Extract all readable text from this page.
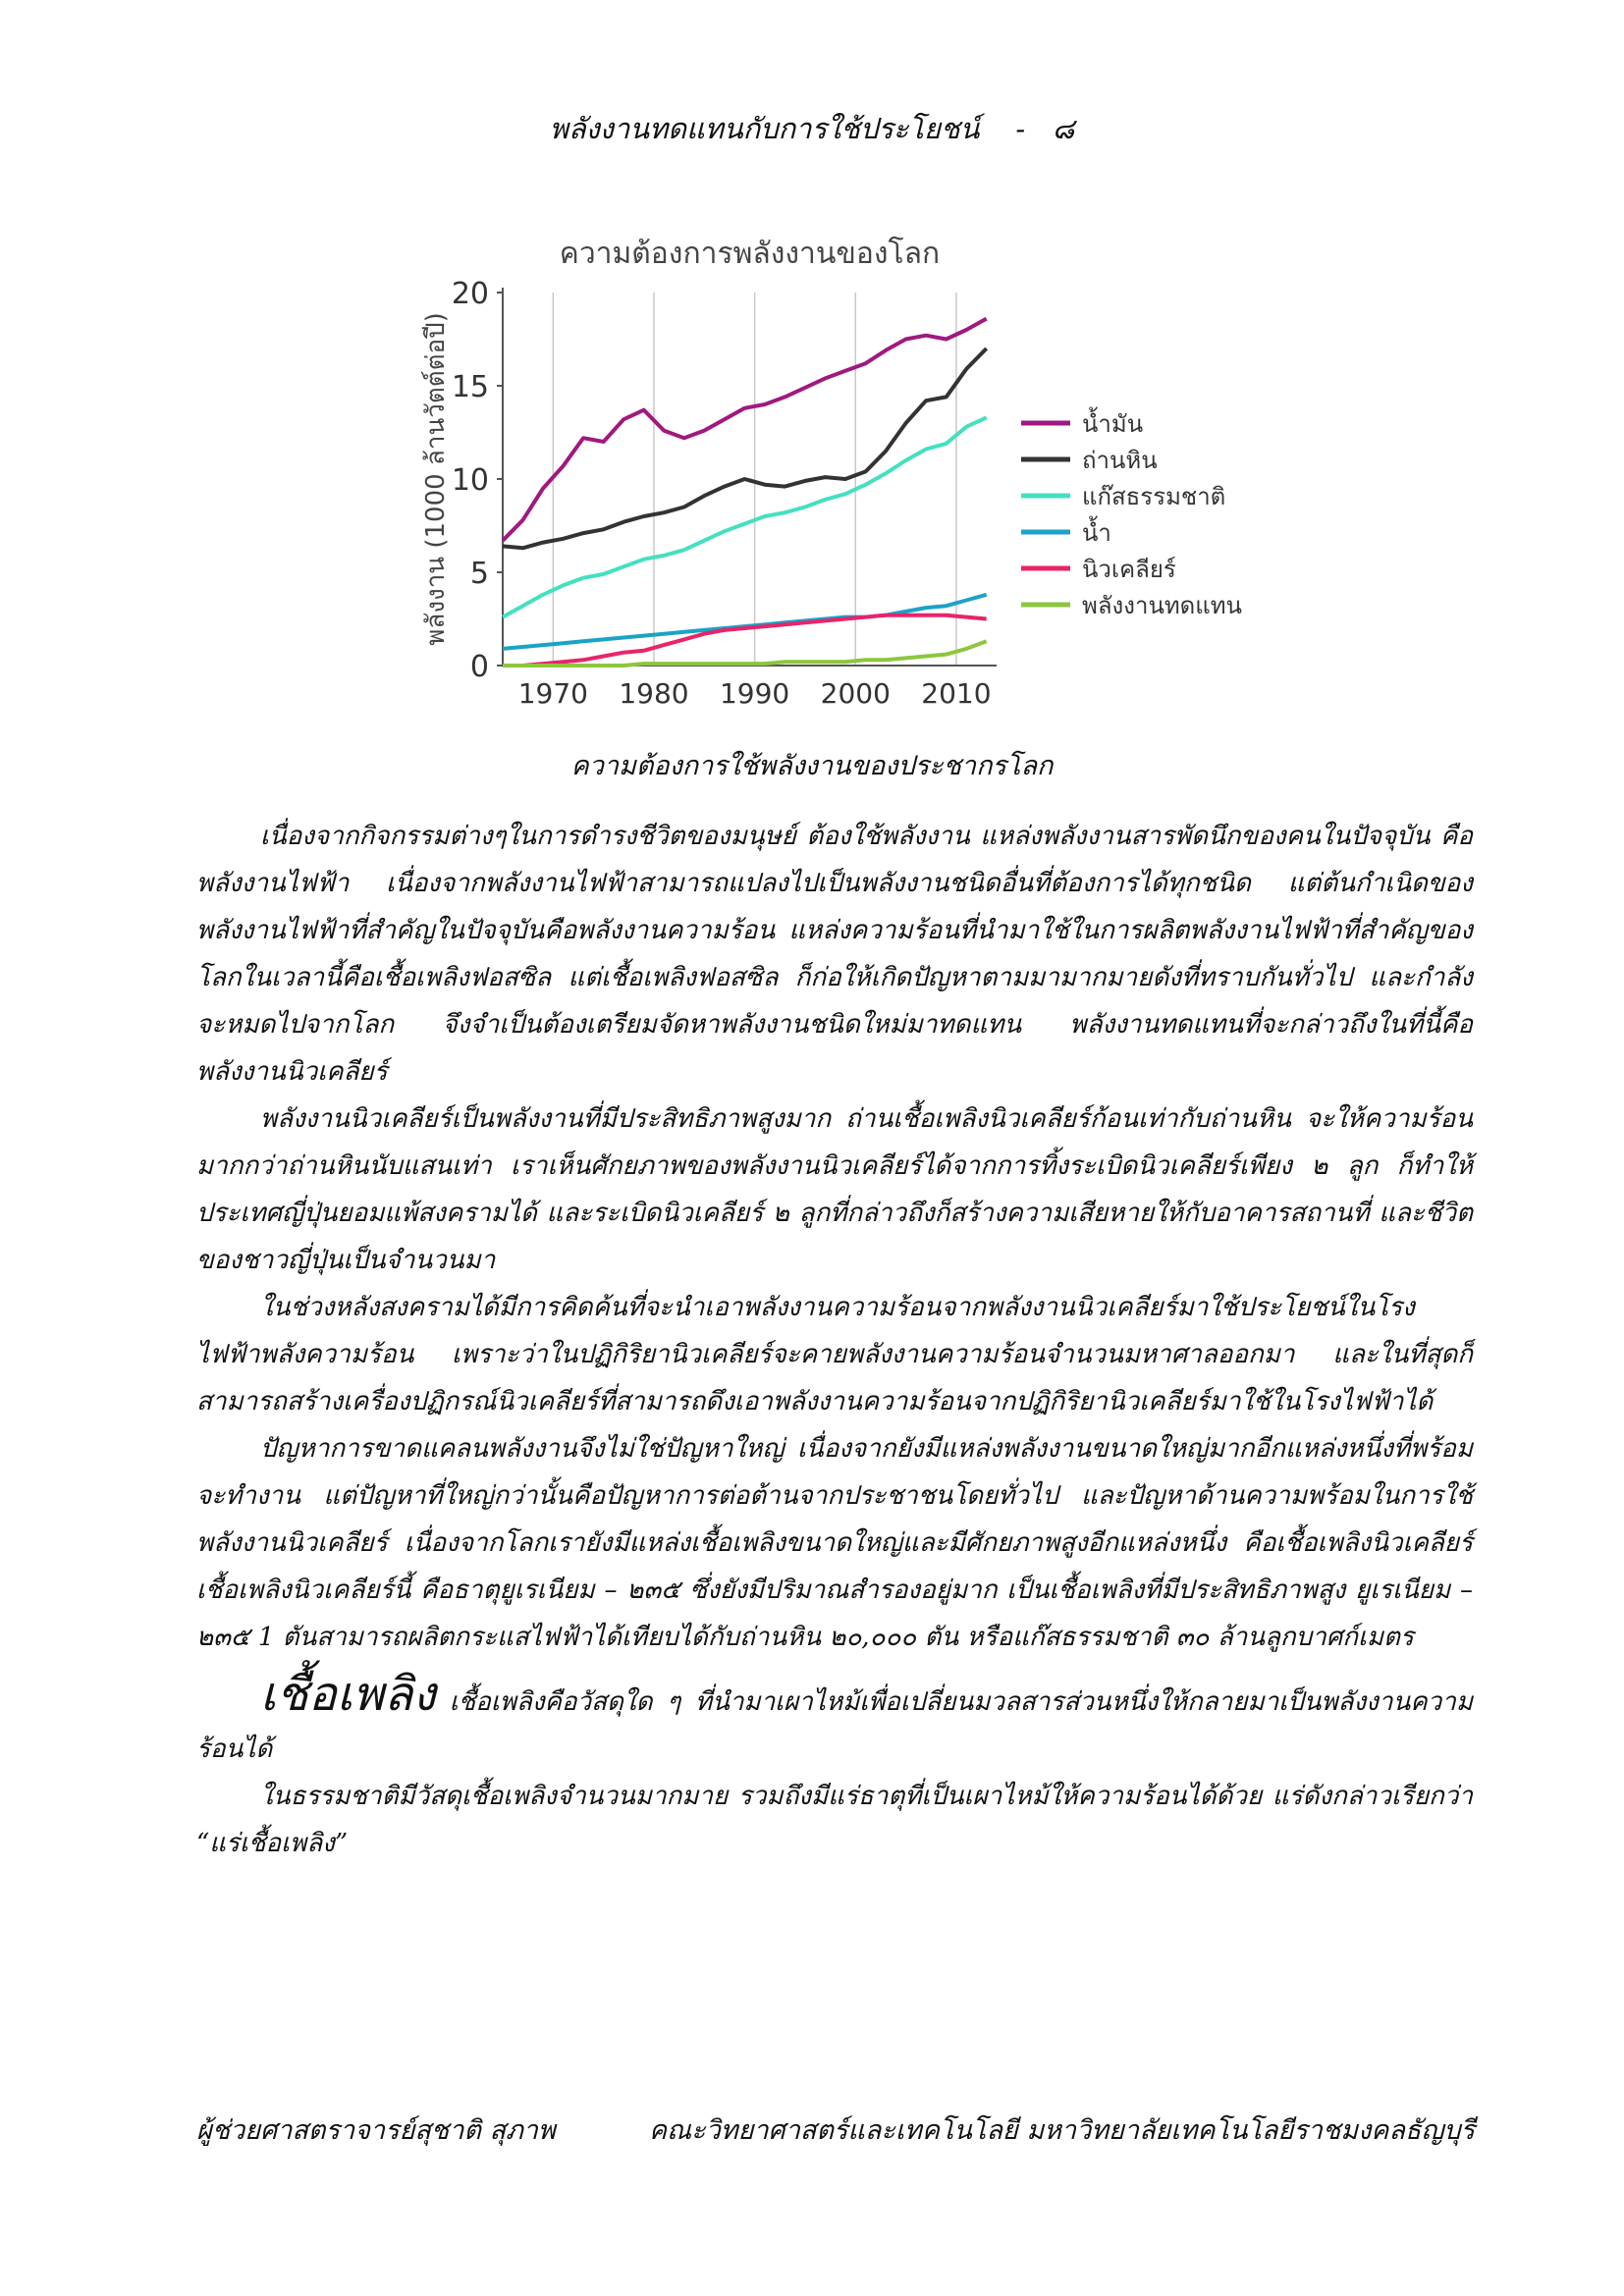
พลังงานทดแทนกับการใช้ประโยชน์ - ๘
ความต้องการพลังงานของโลก
พลังงาน (1000 ล้านวัตต์ต่อปี)
0
5
10
15
20
1970 1980 1990 2000 2010
น้ำมัน
ถ่านหิน
แก๊สธรรมชาติ
น้ำ
นิวเคลียร์
พลังงานทดแทน
ความต้องการใช้พลังงานของประชากรโลก

เนื่องจากกิจกรรมต่างๆในการดำรงชีวิตของมนุษย์ ต้องใช้พลังงาน แหล่งพลังงานสารพัดนึกของคนในปัจจุบัน คือ พลังงานไฟฟ้า เนื่องจากพลังงานไฟฟ้าสามารถแปลงไปเป็นพลังงานชนิดอื่นที่ต้องการได้ทุกชนิด แต่ต้นกำเนิดของพลังงานไฟฟ้าที่สำคัญในปัจจุบันคือพลังงานความร้อน แหล่งความร้อนที่นำมาใช้ในการผลิตพลังงานไฟฟ้าที่สำคัญของโลกในเวลานี้คือเชื้อเพลิงฟอสซิล แต่เชื้อเพลิงฟอสซิล ก็ก่อให้เกิดปัญหาตามมามากมายดังที่ทราบกันทั่วไป และกำลังจะหมดไปจากโลก จึงจำเป็นต้องเตรียมจัดหาพลังงานชนิดใหม่มาทดแทน พลังงานทดแทนที่จะกล่าวถึงในที่นี้คือพลังงานนิวเคลียร์

พลังงานนิวเคลียร์เป็นพลังงานที่มีประสิทธิภาพสูงมาก ถ่านเชื้อเพลิงนิวเคลียร์ก้อนเท่ากับถ่านหิน จะให้ความร้อนมากกว่าถ่านหินนับแสนเท่า เราเห็นศักยภาพของพลังงานนิวเคลียร์ได้จากการทิ้งระเบิดนิวเคลียร์เพียง ๒ ลูก ก็ทำให้ประเทศญี่ปุ่นยอมแพ้สงครามได้ และระเบิดนิวเคลียร์ ๒ ลูกที่กล่าวถึงก็สร้างความเสียหายให้กับอาคารสถานที่ และชีวิตของชาวญี่ปุ่นเป็นจำนวนมา

ในช่วงหลังสงครามได้มีการคิดค้นที่จะนำเอาพลังงานความร้อนจากพลังงานนิวเคลียร์มาใช้ประโยชน์ในโรงไฟฟ้าพลังความร้อน เพราะว่าในปฏิกิริยานิวเคลียร์จะคายพลังงานความร้อนจำนวนมหาศาลออกมา และในที่สุดก็สามารถสร้างเครื่องปฏิกรณ์นิวเคลียร์ที่สามารถดึงเอาพลังงานความร้อนจากปฏิกิริยานิวเคลียร์มาใช้ในโรงไฟฟ้าได้

ปัญหาการขาดแคลนพลังงานจึงไม่ใช่ปัญหาใหญ่ เนื่องจากยังมีแหล่งพลังงานขนาดใหญ่มากอีกแหล่งหนึ่งที่พร้อมจะทำงาน แต่ปัญหาที่ใหญ่กว่านั้นคือปัญหาการต่อต้านจากประชาชนโดยทั่วไป และปัญหาด้านความพร้อมในการใช้พลังงานนิวเคลียร์ เนื่องจากโลกเรายังมีแหล่งเชื้อเพลิงขนาดใหญ่และมีศักยภาพสูงอีกแหล่งหนึ่ง คือเชื้อเพลิงนิวเคลียร์ เชื้อเพลิงนิวเคลียร์นี้ คือธาตุยูเรเนียม – ๒๓๕ ซึ่งยังมีปริมาณสำรองอยู่มาก เป็นเชื้อเพลิงที่มีประสิทธิภาพสูง ยูเรเนียม – ๒๓๕ 1 ตันสามารถผลิตกระแสไฟฟ้าได้เทียบได้กับถ่านหิน ๒๐,๐๐๐ ตัน หรือแก๊สธรรมชาติ ๓๐ ล้านลูกบาศก์เมตร

เชื้อเพลิง เชื้อเพลิงคือวัสดุใด ๆ ที่นำมาเผาไหม้เพื่อเปลี่ยนมวลสารส่วนหนึ่งให้กลายมาเป็นพลังงานความร้อนได้

ในธรรมชาติมีวัสดุเชื้อเพลิงจำนวนมากมาย รวมถึงมีแร่ธาตุที่เป็นเผาไหม้ให้ความร้อนได้ด้วย แร่ดังกล่าวเรียกว่า “แร่เชื้อเพลิง”

ผู้ช่วยศาสตราจารย์สุชาติ สุภาพ	คณะวิทยาศาสตร์และเทคโนโลยี มหาวิทยาลัยเทคโนโลยีราชมงคลธัญบุรี
